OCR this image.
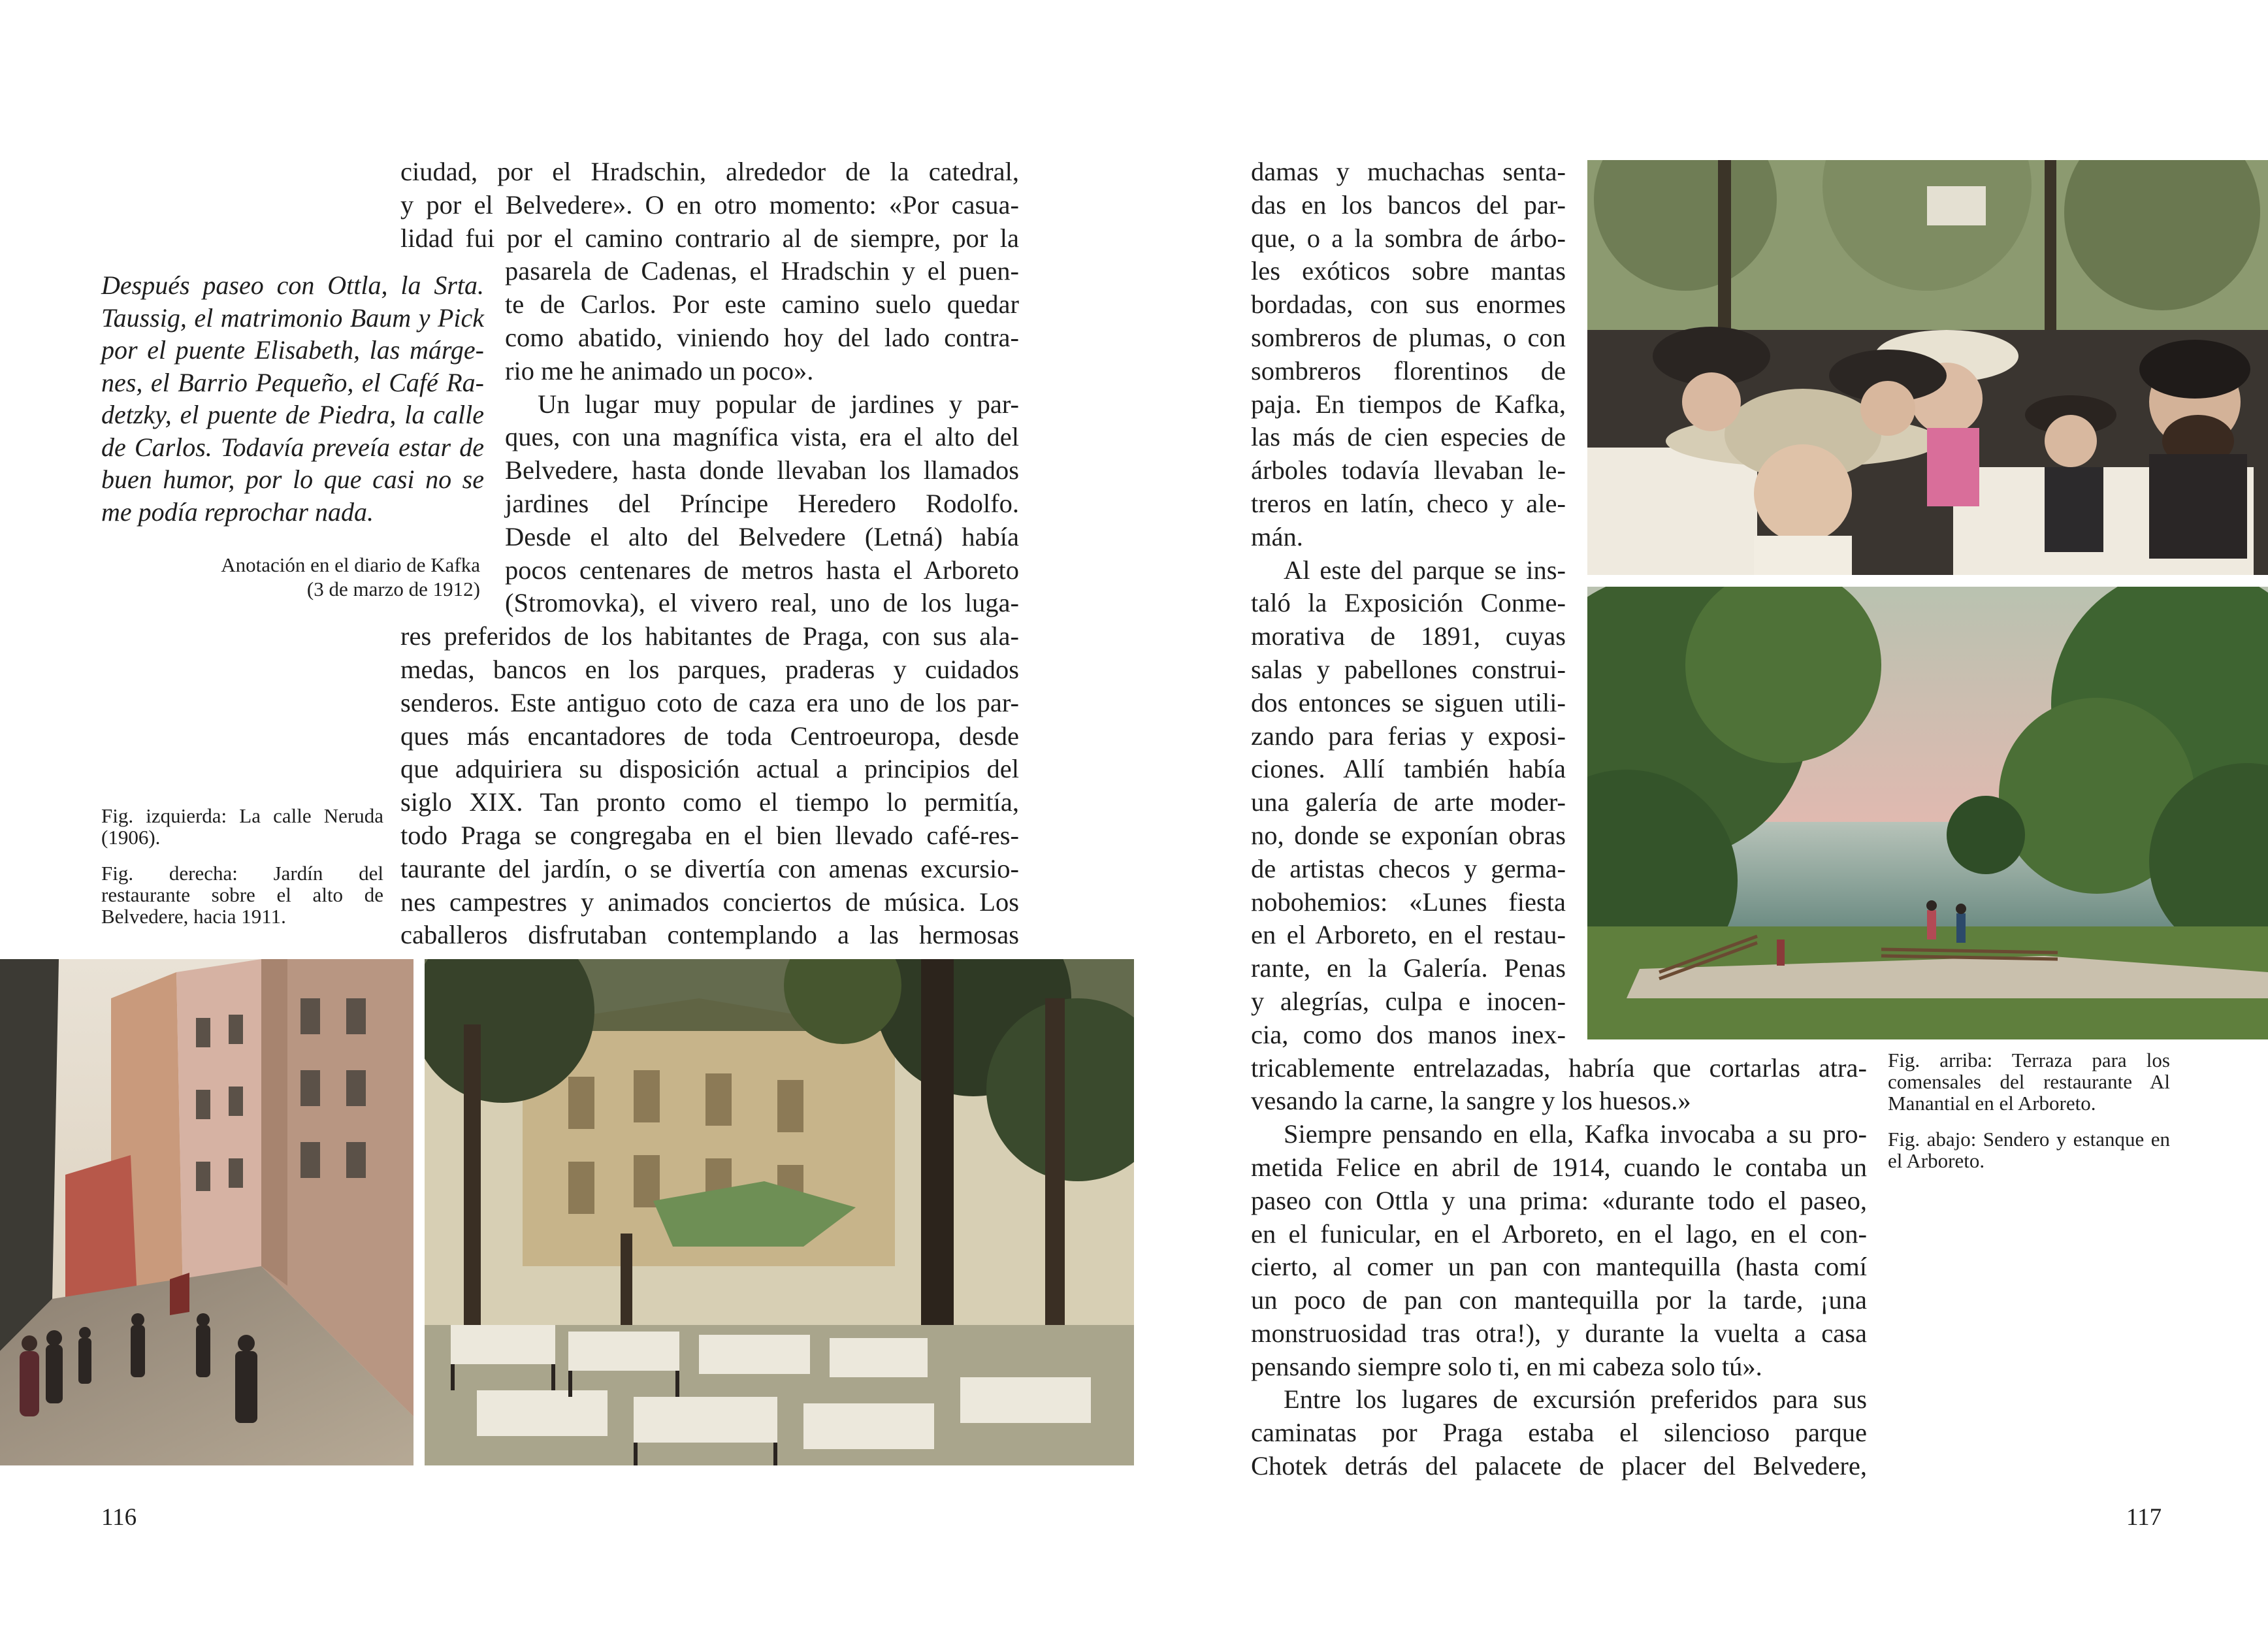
Después paseo con Ottla, la Srta.
Taussig, el matrimonio Baum y Pick
por el puente Elisabeth, las márge-
nes, el Barrio Pequeño, el Café Ra-
detzky, el puente de Piedra, la calle
de Carlos. Todavía preveía estar de
buen humor, por lo que casi no se
me podía reprochar nada.
Anotación en el diario de Kafka
(3 de marzo de 1912)

Fig. izquierda: La calle Neruda (1906).

Fig. derecha: Jardín del restaurante sobre el alto de Belvedere, hacia 1911.

ciudad, por el Hradschin, alrededor de la catedral,
y por el Belvedere». O en otro momento: «Por casua-
lidad fui por el camino contrario al de siempre, por la
pasarela de Cadenas, el Hradschin y el puen-
te de Carlos. Por este camino suelo quedar
como abatido, viniendo hoy del lado contra-
rio me he animado un poco».
Un lugar muy popular de jardines y par-
ques, con una magnífica vista, era el alto del
Belvedere, hasta donde llevaban los llamados
jardines del Príncipe Heredero Rodolfo.
Desde el alto del Belvedere (Letná) había
pocos centenares de metros hasta el Arboreto
(Stromovka), el vivero real, uno de los luga-
res preferidos de los habitantes de Praga, con sus ala-
medas, bancos en los parques, praderas y cuidados
senderos. Este antiguo coto de caza era uno de los par-
ques más encantadores de toda Centroeuropa, desde
que adquiriera su disposición actual a principios del
siglo XIX. Tan pronto como el tiempo lo permitía,
todo Praga se congregaba en el bien llevado café-res-
taurante del jardín, o se divertía con amenas excursio-
nes campestres y animados conciertos de música. Los
caballeros disfrutaban contemplando a las hermosas
116
damas y muchachas senta-
das en los bancos del par-
que, o a la sombra de árbo-
les exóticos sobre mantas
bordadas, con sus enormes
sombreros de plumas, o con
sombreros florentinos de
paja. En tiempos de Kafka,
las más de cien especies de
árboles todavía llevaban le-
treros en latín, checo y ale-
mán.
Al este del parque se ins-
taló la Exposición Conme-
morativa de 1891, cuyas
salas y pabellones construi-
dos entonces se siguen utili-
zando para ferias y exposi-
ciones. Allí también había
una galería de arte moder-
no, donde se exponían obras
de artistas checos y germa-
nobohemios: «Lunes fiesta
en el Arboreto, en el restau-
rante, en la Galería. Penas
y alegrías, culpa e inocen-
cia, como dos manos inex-
tricablemente entrelazadas, habría que cortarlas atra-
vesando la carne, la sangre y los huesos.»
Siempre pensando en ella, Kafka invocaba a su pro-
metida Felice en abril de 1914, cuando le contaba un
paseo con Ottla y una prima: «durante todo el paseo,
en el funicular, en el Arboreto, en el lago, en el con-
cierto, al comer un pan con mantequilla (hasta comí
un poco de pan con mantequilla por la tarde, ¡una
monstruosidad tras otra!), y durante la vuelta a casa
pensando siempre solo ti, en mi cabeza solo tú».
Entre los lugares de excursión preferidos para sus
caminatas por Praga estaba el silencioso parque
Chotek detrás del palacete de placer del Belvedere,

Fig. arriba: Terraza para los comensales del restaurante Al Manantial en el Arboreto.

Fig. abajo: Sendero y estanque en el Arboreto.

117
